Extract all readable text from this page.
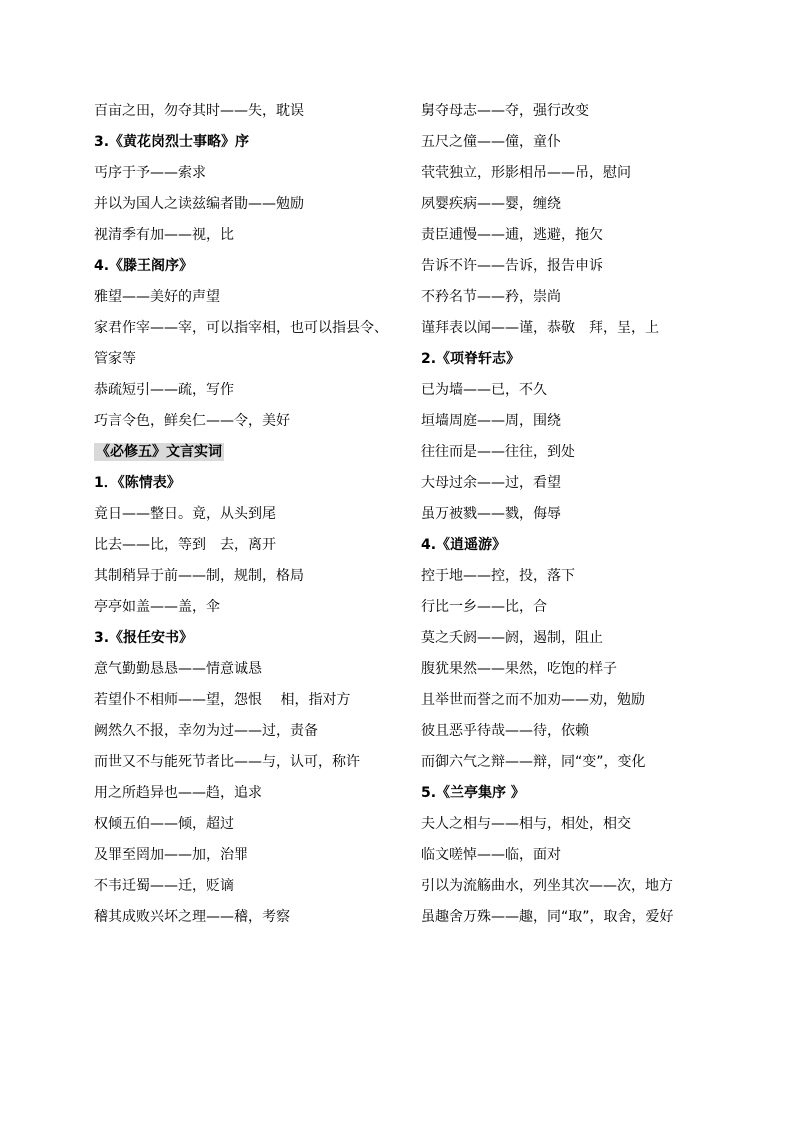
百亩之田，勿夺其时——失，耽误
3.《黄花岗烈士事略》序
丐序于予——索求
并以为国人之读兹编者勖——勉励
视清季有加——视，比
4.《滕王阁序》
雅望——美好的声望
家君作宰——宰，可以指宰相，也可以指县令、
管家等
恭疏短引——疏，写作
巧言令色，鲜矣仁——令，美好
《必修五》文言实词
1．《陈情表》
竟日——整日。竟，从头到尾
比去——比，等到　去，离开
其制稍异于前——制，规制，格局
亭亭如盖——盖，伞
3.《报任安书》
意气勤勤恳恳——情意诚恳
若望仆不相师——望，怨恨　 相，指对方
阙然久不报，幸勿为过——过，责备
而世又不与能死节者比——与，认可，称许
用之所趋异也——趋，追求
权倾五伯——倾，超过
及罪至罔加——加，治罪
不韦迁蜀——迁，贬谪
稽其成败兴坏之理——稽，考察
舅夺母志——夺，强行改变
五尺之僮——僮，童仆
茕茕独立，形影相吊——吊，慰问
夙婴疾病——婴，缠绕
责臣逋慢——逋，逃避，拖欠
告诉不许——告诉，报告申诉
不矜名节——矜，崇尚
谨拜表以闻——谨，恭敬　拜，呈，上
2.《项脊轩志》
已为墙——已，不久
垣墙周庭——周，围绕
往往而是——往往，到处
大母过余——过，看望
虽万被戮——戮，侮辱
4.《逍遥游》
控于地——控，投，落下
行比一乡——比，合
莫之夭阏——阏，遏制，阻止
腹犹果然——果然，吃饱的样子
且举世而誉之而不加劝——劝，勉励
彼且恶乎待哉——待，依赖
而御六气之辩——辩，同“变”，变化
5.《兰亭集序 》
夫人之相与——相与，相处，相交
临文嗟悼——临，面对
引以为流觞曲水，列坐其次——次，地方
虽趣舍万殊——趣，同“取”，取舍，爱好
